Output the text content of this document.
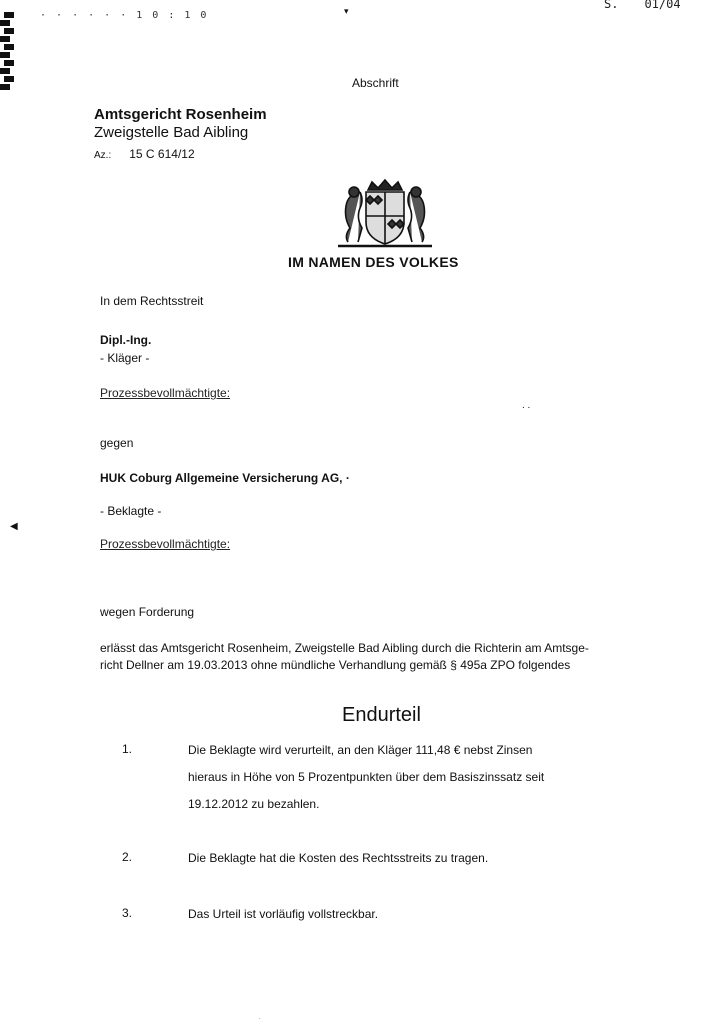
· · · · · · 1 0 : 1 0	▾	S. 01/04
Abschrift
Amtsgericht Rosenheim
Zweigstelle Bad Aibling
Az.: 15 C 614/12
IM NAMEN DES VOLKES
In dem Rechtsstreit
Dipl.-Ing.
- Kläger -
Prozessbevollmächtigte:
. .
gegen
HUK Coburg Allgemeine Versicherung AG, ·
- Beklagte -
◀
Prozessbevollmächtigte:
wegen Forderung
erlässt das Amtsgericht Rosenheim, Zweigstelle Bad Aibling durch die Richterin am Amtsge-
richt Dellner am 19.03.2013 ohne mündliche Verhandlung gemäß § 495a ZPO folgendes
Endurteil
1.	Die Beklagte wird verurteilt, an den Kläger 111,48 € nebst Zinsen
hieraus in Höhe von 5 Prozentpunkten über dem Basiszinssatz seit
19.12.2012 zu bezahlen.
2.	Die Beklagte hat die Kosten des Rechtsstreits zu tragen.
3.	Das Urteil ist vorläufig vollstreckbar.
·
